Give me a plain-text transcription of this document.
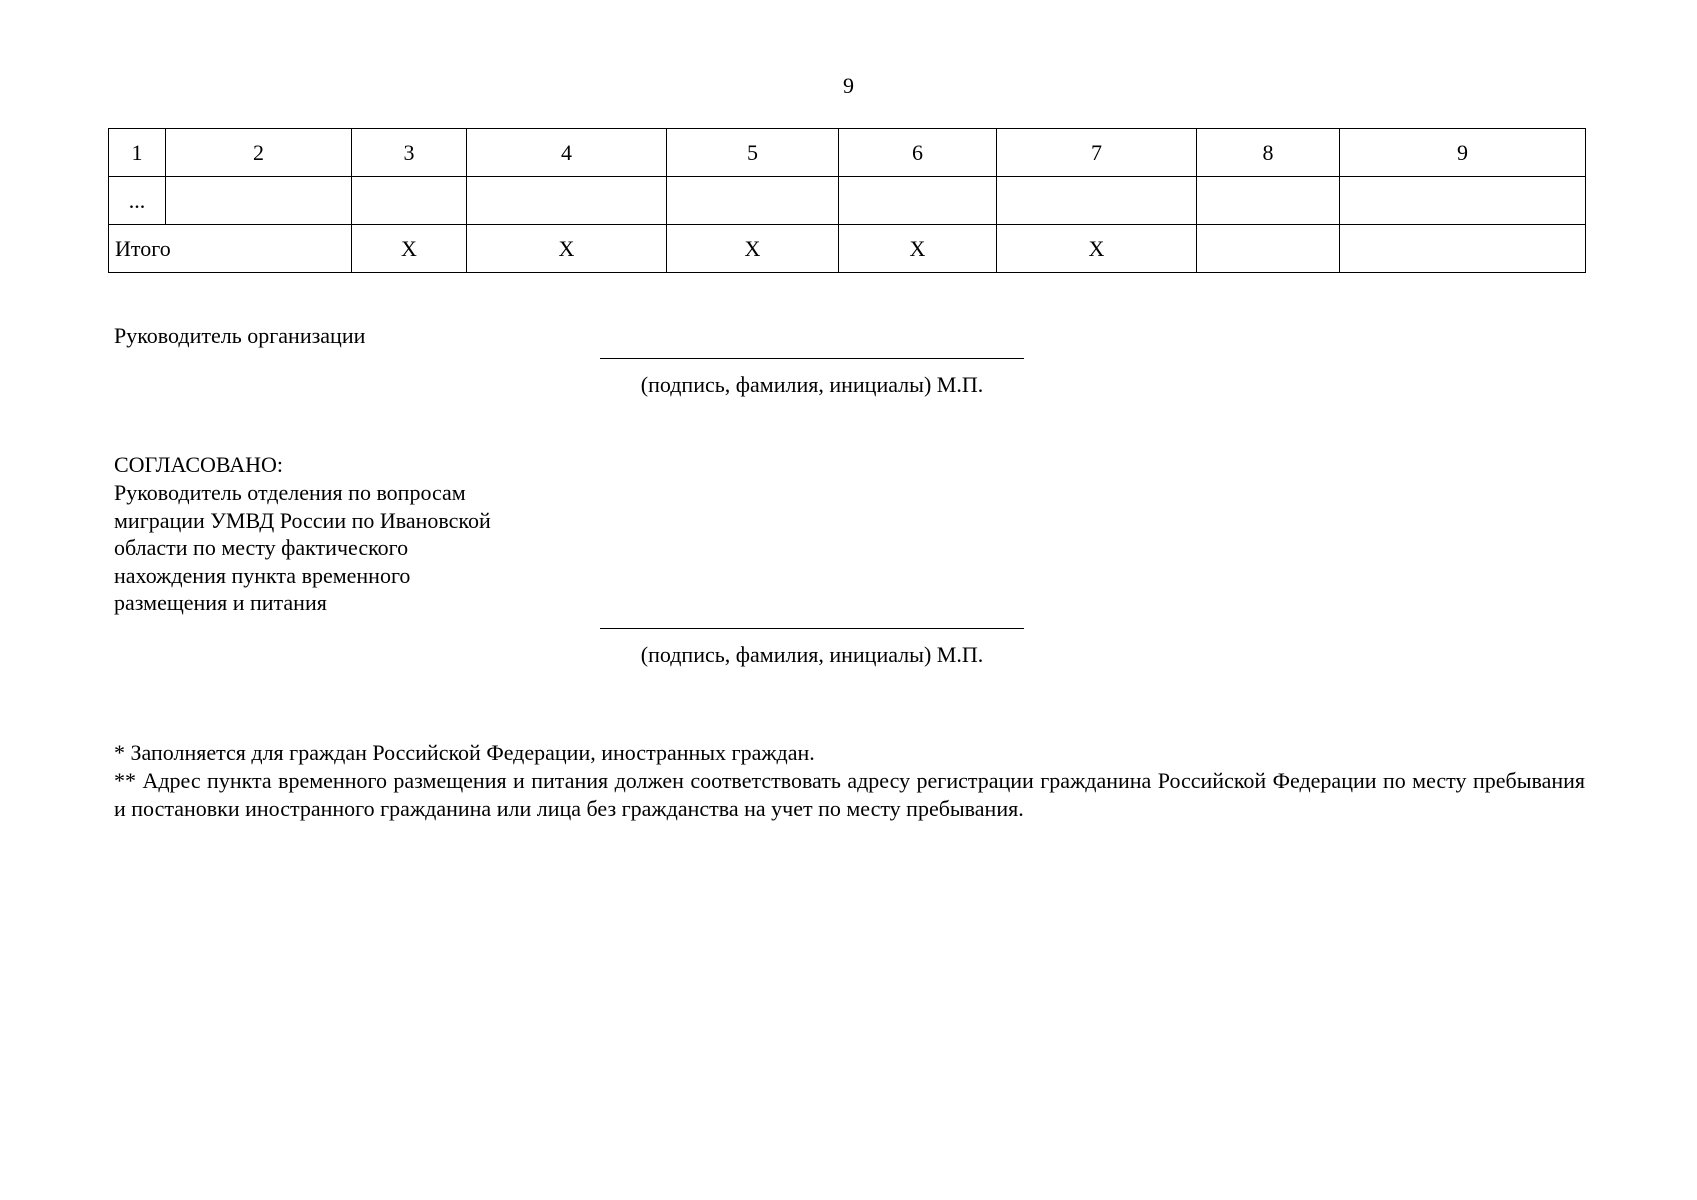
9
1	2	3	4	5	6	7	8	9
...								
Итого		X	X	X	X	X		
Руководитель организации
(подпись, фамилия, инициалы) М.П.
СОГЛАСОВАНО:
Руководитель отделения по вопросам
миграции УМВД России по Ивановской
области по месту фактического
нахождения пункта временного
размещения и питания
(подпись, фамилия, инициалы) М.П.

* Заполняется для граждан Российской Федерации, иностранных граждан.

** Адрес пункта временного размещения и питания должен соответствовать адресу регистрации гражданина Российской Федерации по месту пребывания и постановки иностранного гражданина или лица без гражданства на учет по месту пребывания.
